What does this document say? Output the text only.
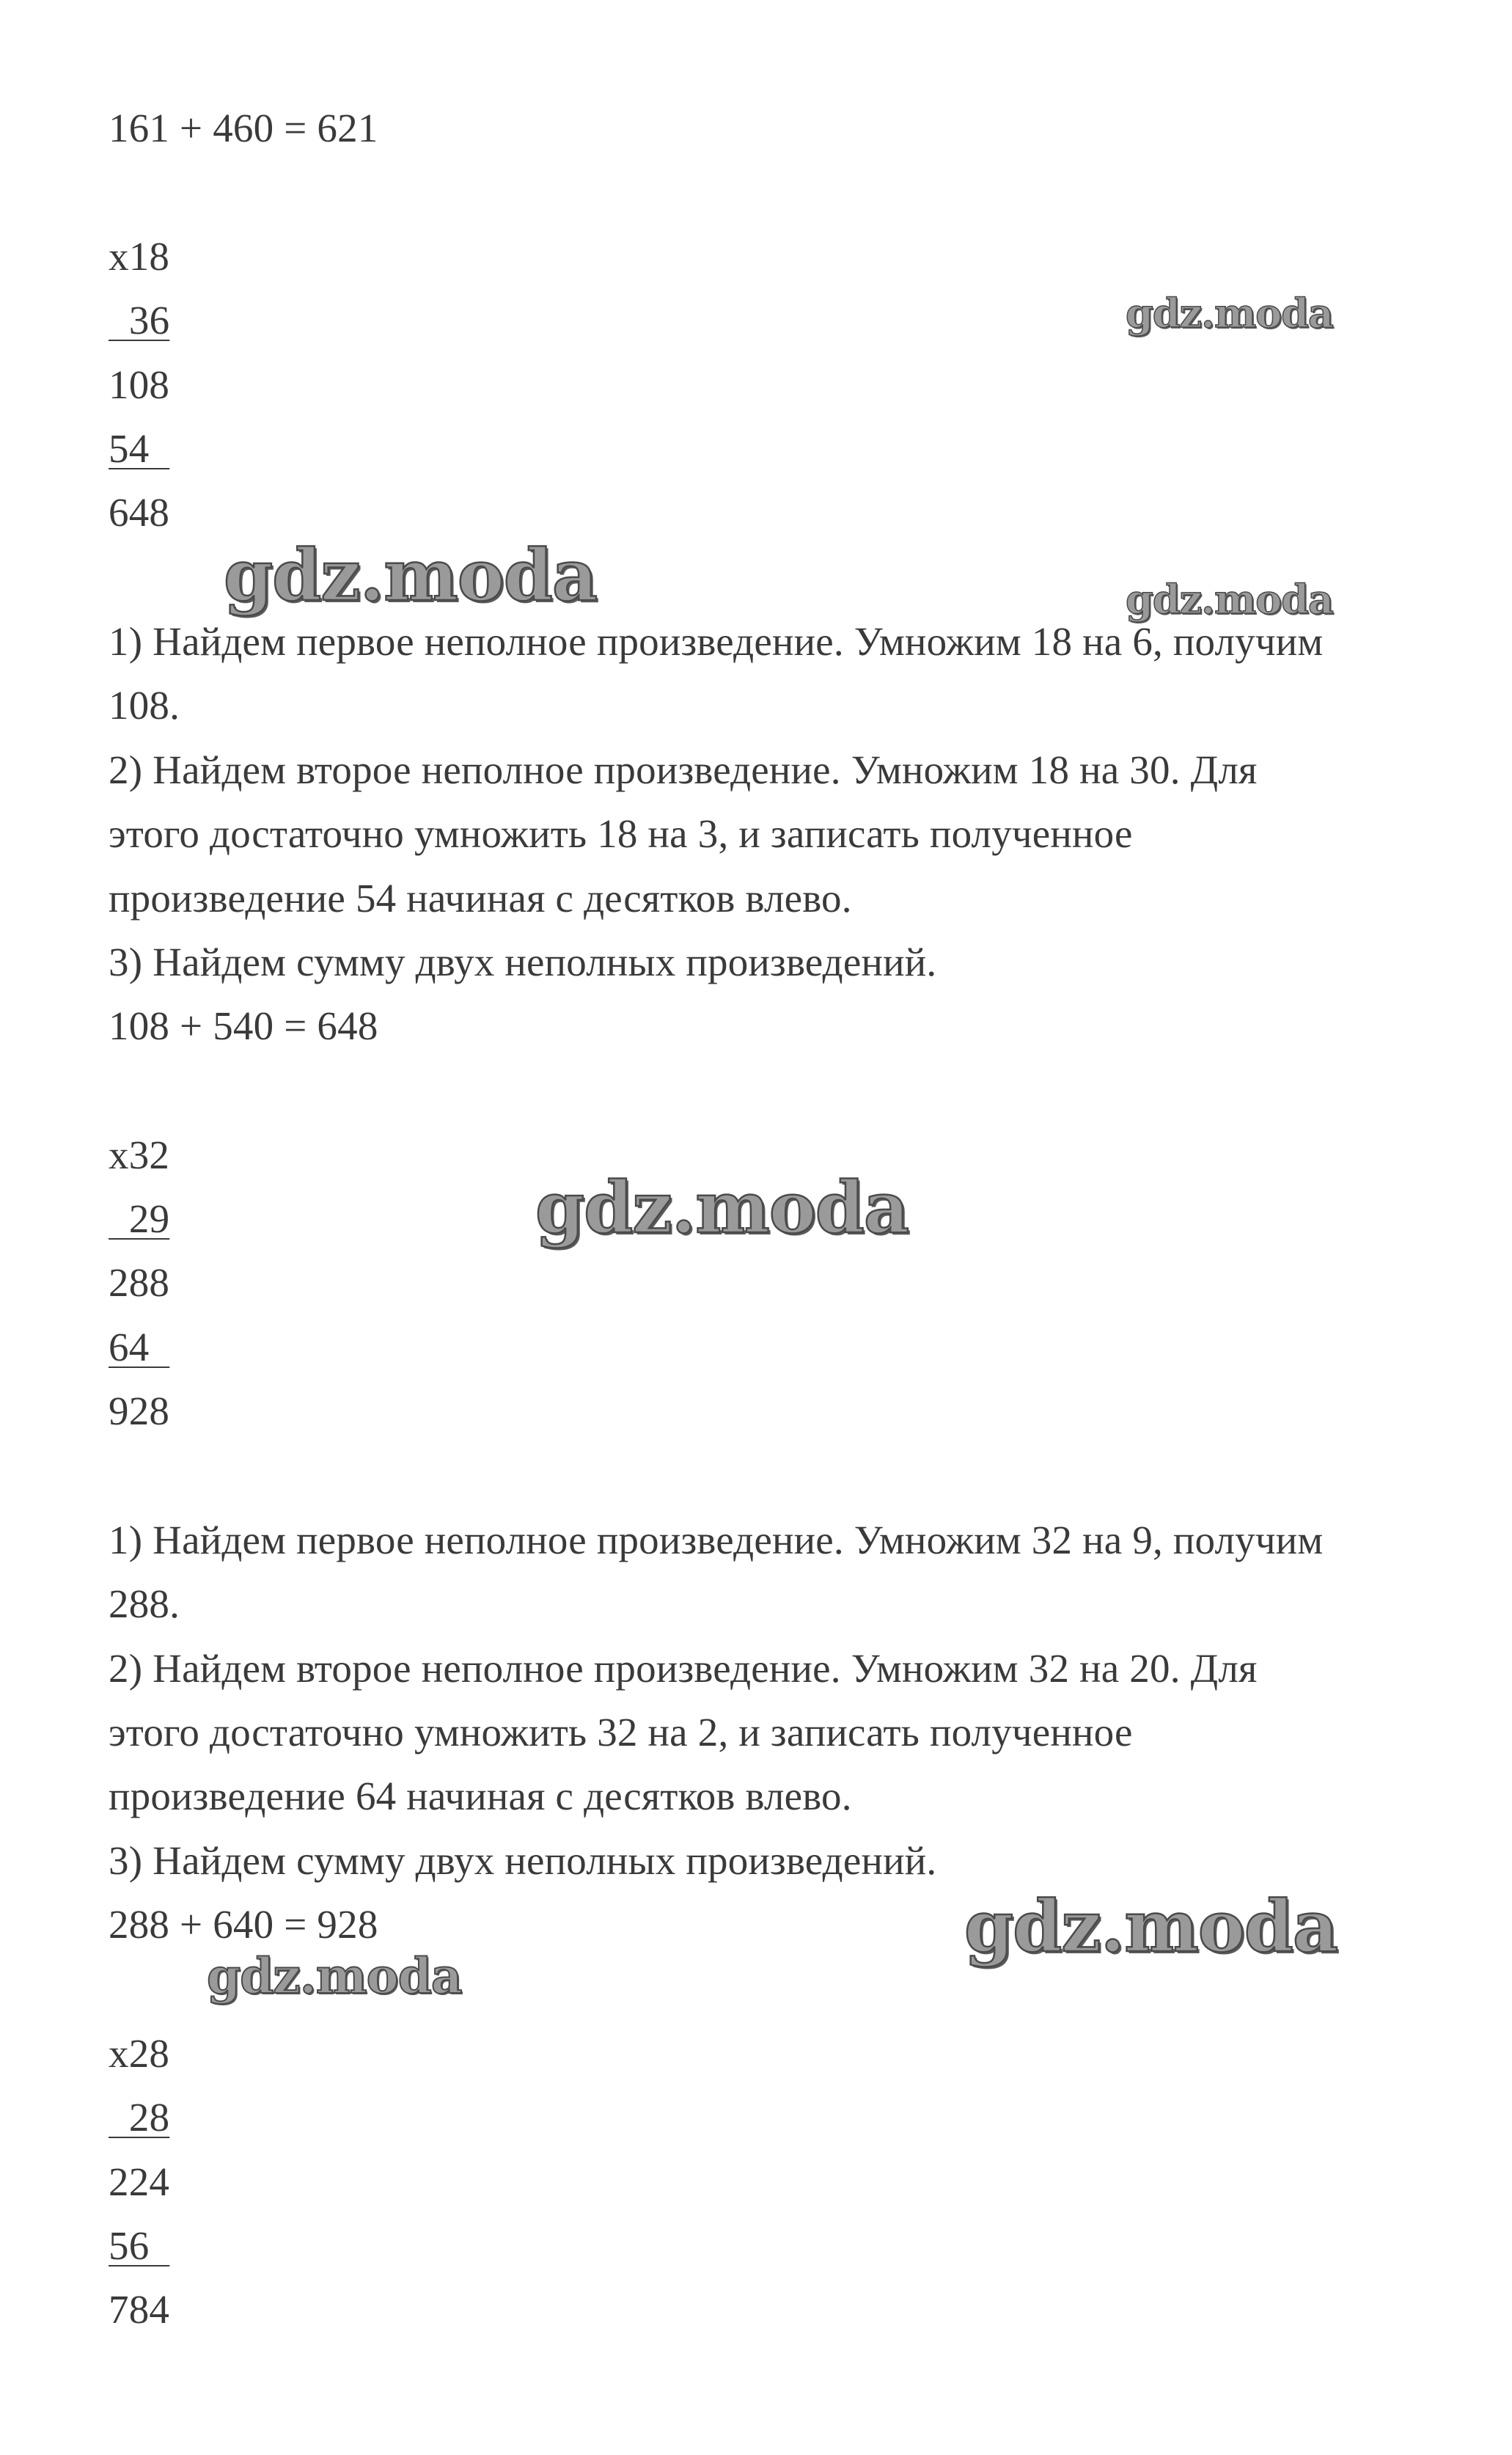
161 + 460 = 621
x18
36
108
54
648
1) Найдем первое неполное произведение. Умножим 18 на 6, получим
108.
2) Найдем второе неполное произведение. Умножим 18 на 30. Для
этого достаточно умножить 18 на 3, и записать полученное
произведение 54 начиная с десятков влево.
3) Найдем сумму двух неполных произведений.
108 + 540 = 648
x32
29
288
64
928
1) Найдем первое неполное произведение. Умножим 32 на 9, получим
288.
2) Найдем второе неполное произведение. Умножим 32 на 20. Для
этого достаточно умножить 32 на 2, и записать полученное
произведение 64 начиная с десятков влево.
3) Найдем сумму двух неполных произведений.
288 + 640 = 928
x28
28
224
56
784
gdz.moda
gdz.moda	gdz.moda
gdz.moda
gdz.moda
gdz.moda
